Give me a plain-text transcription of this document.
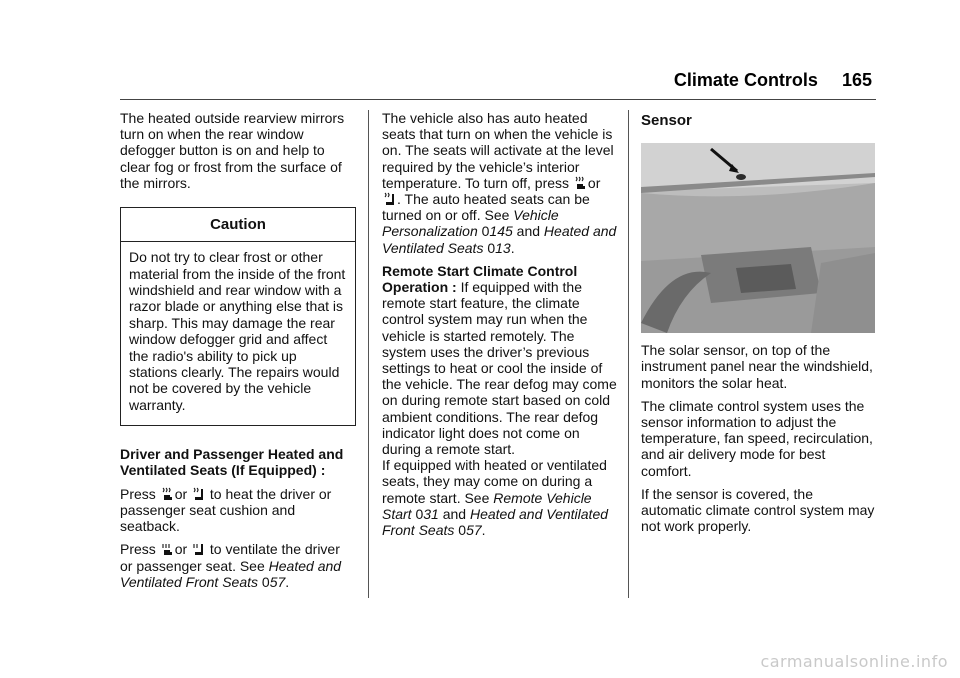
Climate Controls 165

The heated outside rearview mirrors turn on when the rear window defogger button is on and help to clear fog or frost from the surface of the mirrors.

Caution
Do not try to clear frost or other material from the inside of the front windshield and rear window with a razor blade or anything else that is sharp. This may damage the rear window defogger grid and affect the radio's ability to pick up stations clearly. The repairs would not be covered by the vehicle warranty.

Driver and Passenger Heated and Ventilated Seats (If Equipped) :

Press or to heat the driver or passenger seat cushion and seatback.

Press or to ventilate the driver or passenger seat. See Heated and Ventilated Front Seats 057.

The vehicle also has auto heated seats that turn on when the vehicle is on. The seats will activate at the level required by the vehicle’s interior temperature. To turn off, press or
. The auto heated seats can be turned on or off. See Vehicle Personalization 0145 and Heated and Ventilated Seats 013.

Remote Start Climate Control Operation : If equipped with the remote start feature, the climate control system may run when the vehicle is started remotely. The system uses the driver’s previous settings to heat or cool the inside of the vehicle. The rear defog may come on during remote start based on cold ambient conditions. The rear defog indicator light does not come on during a remote start.

If equipped with heated or ventilated seats, they may come on during a remote start. See Remote Vehicle Start 031 and Heated and Ventilated Front Seats 057.

Sensor

The solar sensor, on top of the instrument panel near the windshield, monitors the solar heat.

The climate control system uses the sensor information to adjust the temperature, fan speed, recirculation, and air delivery mode for best comfort.

If the sensor is covered, the automatic climate control system may not work properly.

carmanualsonline.info
